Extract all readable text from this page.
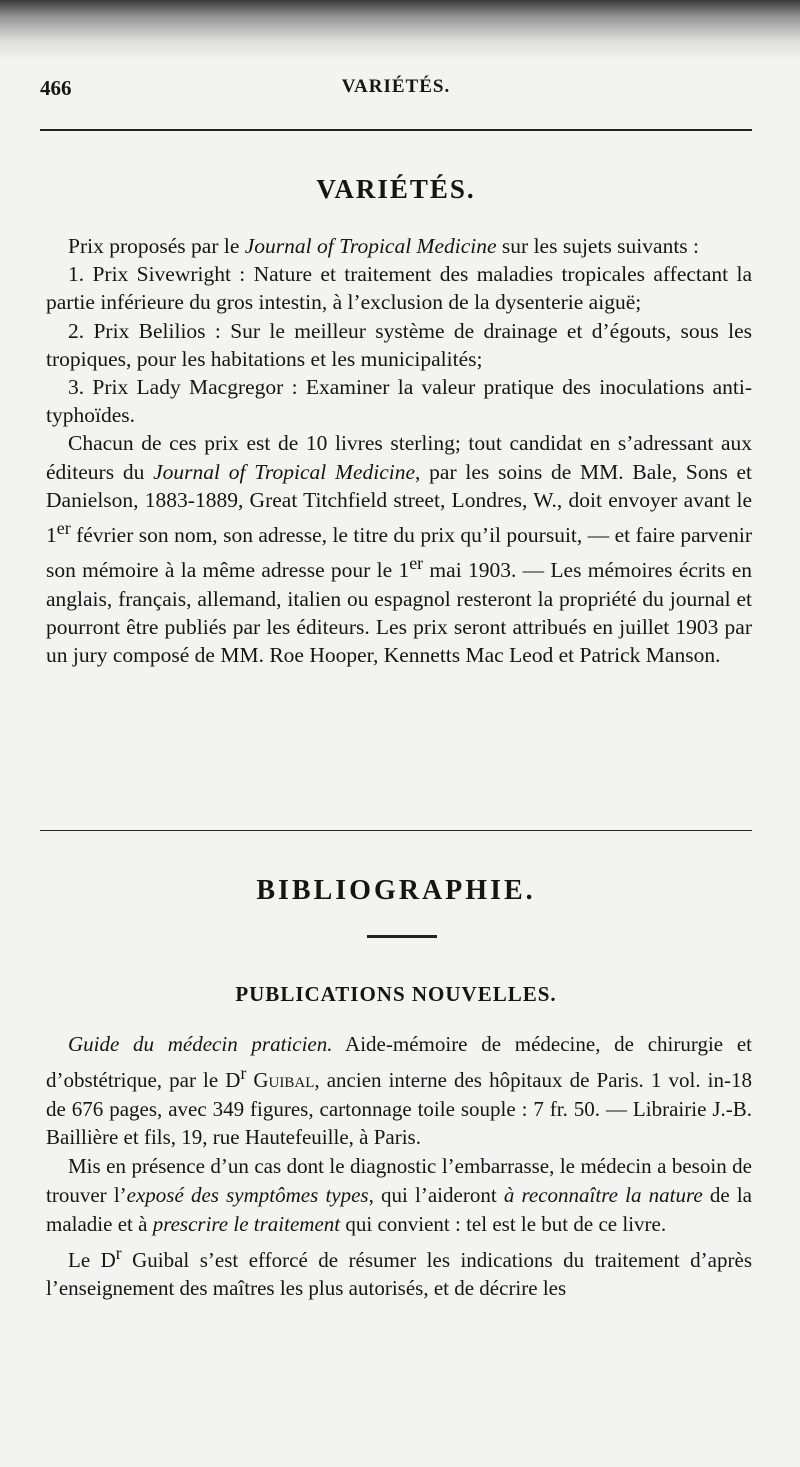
466	VARIÉTÉS.
VARIÉTÉS.

Prix proposés par le Journal of Tropical Medicine sur les sujets suivants :

1. Prix Sivewright : Nature et traitement des maladies tropicales affectant la partie inférieure du gros intestin, à l’exclusion de la dysenterie aiguë;

2. Prix Belilios : Sur le meilleur système de drainage et d’égouts, sous les tropiques, pour les habitations et les municipalités;

3. Prix Lady Macgregor : Examiner la valeur pratique des inoculations anti-typhoïdes.

Chacun de ces prix est de 10 livres sterling; tout candidat en s’adressant aux éditeurs du Journal of Tropical Medicine, par les soins de MM. Bale, Sons et Danielson, 1883-1889, Great Titchfield street, Londres, W., doit envoyer avant le 1er février son nom, son adresse, le titre du prix qu’il poursuit, — et faire parvenir son mémoire à la même adresse pour le 1er mai 1903. — Les mémoires écrits en anglais, français, allemand, italien ou espagnol resteront la propriété du journal et pourront être publiés par les éditeurs. Les prix seront attribués en juillet 1903 par un jury composé de MM. Roe Hooper, Kennetts Mac Leod et Patrick Manson.

BIBLIOGRAPHIE.
PUBLICATIONS NOUVELLES.

Guide du médecin praticien. Aide-mémoire de médecine, de chirurgie et d’obstétrique, par le $D^r$ Guibal, ancien interne des hôpitaux de Paris. 1 vol. in-18 de 676 pages, avec 349 figures, cartonnage toile souple : 7 fr. 50. — Librairie J.-B. Baillière et fils, 19, rue Hautefeuille, à Paris.

Mis en présence d’un cas dont le diagnostic l’embarrasse, le médecin a besoin de trouver l’exposé des symptômes types, qui l’aideront à reconnaître la nature de la maladie et à prescrire le traitement qui convient : tel est le but de ce livre.

Le $D^r$ Guibal s’est efforcé de résumer les indications du traitement d’après l’enseignement des maîtres les plus autorisés, et de décrire les
